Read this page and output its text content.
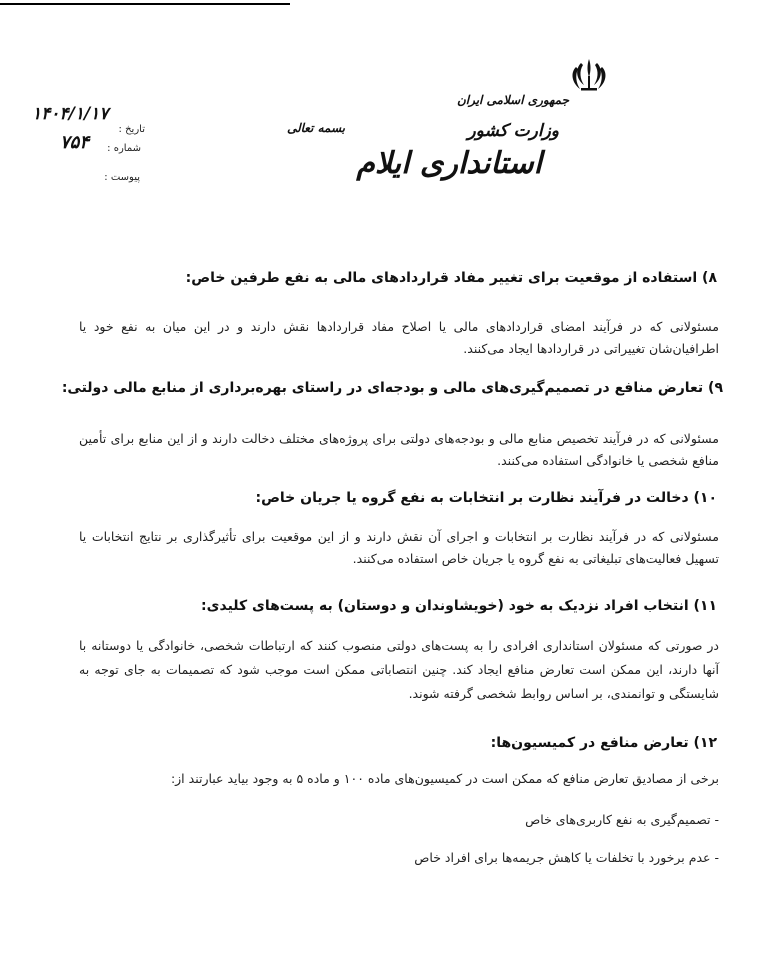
جمهوری اسلامی ایران
وزارت کشور
استانداری ایلام
بسمه تعالی
تاریخ :
۱۴۰۴/۱/۱۷
شماره :
۷۵۴
پیوست :
۸) استفاده از موقعیت برای تغییر مفاد قراردادهای مالی به نفع طرفین خاص:
مسئولانی که در فرآیند امضای قراردادهای مالی یا اصلاح مفاد قراردادها نقش دارند و در این میان به نفع خود یا اطرافیان‌شان تغییراتی در قراردادها ایجاد می‌کنند.
۹) تعارض منافع در تصمیم‌گیری‌های مالی و بودجه‌ای در راستای بهره‌برداری از منابع مالی دولتی:
مسئولانی که در فرآیند تخصیص منابع مالی و بودجه‌های دولتی برای پروژه‌های مختلف دخالت دارند و از این منابع برای تأمین منافع شخصی یا خانوادگی استفاده می‌کنند.
۱۰) دخالت در فرآیند نظارت بر انتخابات به نفع گروه یا جریان خاص:
مسئولانی که در فرآیند نظارت بر انتخابات و اجرای آن نقش دارند و از این موقعیت برای تأثیرگذاری بر نتایج انتخابات یا تسهیل فعالیت‌های تبلیغاتی به نفع گروه یا جریان خاص استفاده می‌کنند.
۱۱) انتخاب افراد نزدیک به خود (خویشاوندان و دوستان) به پست‌های کلیدی:
در صورتی که مسئولان استانداری افرادی را به پست‌های دولتی منصوب کنند که ارتباطات شخصی، خانوادگی یا دوستانه با آنها دارند، این ممکن است تعارض منافع ایجاد کند. چنین انتصاباتی ممکن است موجب شود که تصمیمات به جای توجه به شایستگی و توانمندی، بر اساس روابط شخصی گرفته شوند.
۱۲) تعارض منافع در کمیسیون‌ها:
برخی از مصادیق تعارض منافع که ممکن است در کمیسیون‌های ماده ۱۰۰ و ماده ۵ به وجود بیاید عبارتند از:
- تصمیم‌گیری به نفع کاربری‌های خاص
- عدم برخورد با تخلفات یا کاهش جریمه‌ها برای افراد خاص
